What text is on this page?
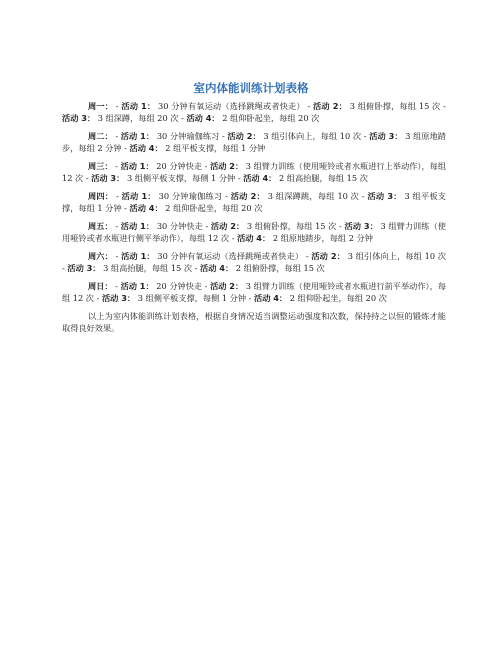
室内体能训练计划表格

周一： - 活动 1： 30 分钟有氧运动（选择跳绳或者快走） - 活动 2： 3 组俯卧撑，每组 15 次 - 活动 3： 3 组深蹲，每组 20 次 - 活动 4： 2 组仰卧起坐，每组 20 次

周二： - 活动 1： 30 分钟瑜伽练习 - 活动 2： 3 组引体向上，每组 10 次 - 活动 3： 3 组原地踏步，每组 2 分钟 - 活动 4： 2 组平板支撑，每组 1 分钟

周三： - 活动 1： 20 分钟快走 - 活动 2： 3 组臂力训练（使用哑铃或者水瓶进行上举动作），每组 12 次 - 活动 3： 3 组侧平板支撑，每侧 1 分钟 - 活动 4： 2 组高抬腿，每组 15 次

周四： - 活动 1： 30 分钟瑜伽练习 - 活动 2： 3 组深蹲跳，每组 10 次 - 活动 3： 3 组平板支撑，每组 1 分钟 - 活动 4： 2 组仰卧起坐，每组 20 次

周五： - 活动 1： 30 分钟快走 - 活动 2： 3 组俯卧撑，每组 15 次 - 活动 3： 3 组臂力训练（使用哑铃或者水瓶进行侧平举动作），每组 12 次 - 活动 4： 2 组原地踏步，每组 2 分钟

周六： - 活动 1： 30 分钟有氧运动（选择跳绳或者快走） - 活动 2： 3 组引体向上，每组 10 次 - 活动 3： 3 组高抬腿，每组 15 次 - 活动 4： 2 组俯卧撑，每组 15 次

周日： - 活动 1： 20 分钟快走 - 活动 2： 3 组臂力训练（使用哑铃或者水瓶进行前平举动作），每组 12 次 - 活动 3： 3 组侧平板支撑，每侧 1 分钟 - 活动 4： 2 组仰卧起坐，每组 20 次

以上为室内体能训练计划表格，根据自身情况适当调整运动强度和次数，保持持之以恒的锻炼才能取得良好效果。
